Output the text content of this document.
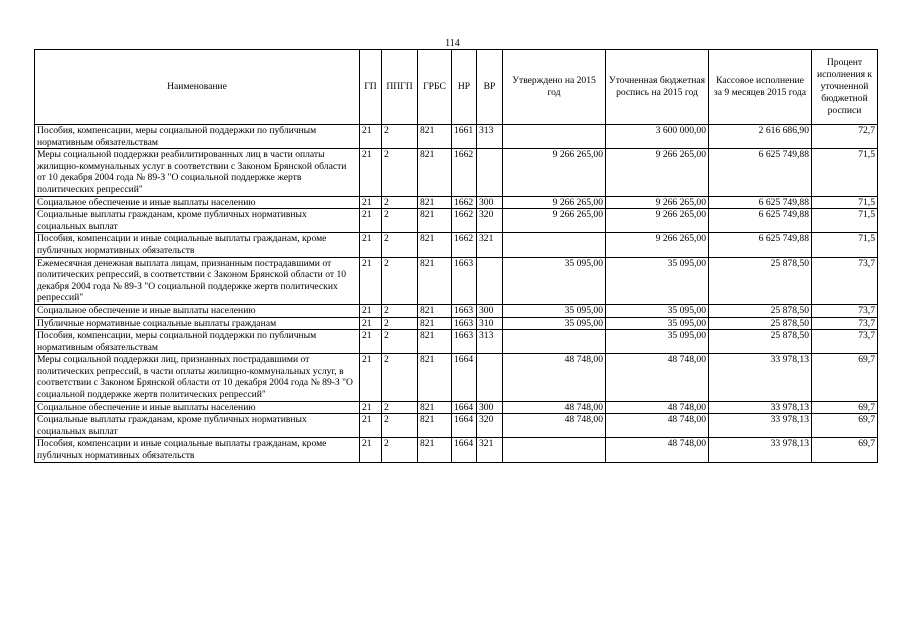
114
Наименование	ГП	ППГП	ГРБС	НР	ВР	Утверждено на 2015 год	Уточненная бюджетная роспись на 2015 год	Кассовое исполнение за 9 месяцев 2015 года	Процент исполнения к уточненной бюджетной росписи
Пособия, компенсации, меры социальной поддержки по публичным нормативным обязательствам	21	2	821	1661	313		3 600 000,00	2 616 686,90	72,7
Меры социальной поддержки реабилитированных лиц в части оплаты жилищно-коммунальных услуг в соответствии с Законом Брянской области от 10 декабря 2004 года № 89-З "О социальной поддержке жертв политических репрессий"	21	2	821	1662		9 266 265,00	9 266 265,00	6 625 749,88	71,5
Социальное обеспечение и иные выплаты населению	21	2	821	1662	300	9 266 265,00	9 266 265,00	6 625 749,88	71,5
Социальные выплаты гражданам, кроме публичных нормативных социальных выплат	21	2	821	1662	320	9 266 265,00	9 266 265,00	6 625 749,88	71,5
Пособия, компенсации и иные социальные выплаты гражданам, кроме публичных нормативных обязательств	21	2	821	1662	321		9 266 265,00	6 625 749,88	71,5
Ежемесячная денежная выплата лицам, признанным пострадавшими от политических репрессий, в соответствии с Законом Брянской области от 10 декабря 2004 года № 89-З "О социальной поддержке жертв политических репрессий"	21	2	821	1663		35 095,00	35 095,00	25 878,50	73,7
Социальное обеспечение и иные выплаты населению	21	2	821	1663	300	35 095,00	35 095,00	25 878,50	73,7
Публичные нормативные социальные выплаты гражданам	21	2	821	1663	310	35 095,00	35 095,00	25 878,50	73,7
Пособия, компенсации, меры социальной поддержки по публичным нормативным обязательствам	21	2	821	1663	313		35 095,00	25 878,50	73,7
Меры социальной поддержки лиц, признанных пострадавшими от политических репрессий, в части оплаты жилищно-коммунальных услуг, в соответствии с Законом Брянской области от 10 декабря 2004 года № 89-З "О социальной поддержке жертв политических репрессий"	21	2	821	1664		48 748,00	48 748,00	33 978,13	69,7
Социальное обеспечение и иные выплаты населению	21	2	821	1664	300	48 748,00	48 748,00	33 978,13	69,7
Социальные выплаты гражданам, кроме публичных нормативных социальных выплат	21	2	821	1664	320	48 748,00	48 748,00	33 978,13	69,7
Пособия, компенсации и иные социальные выплаты гражданам, кроме публичных нормативных обязательств	21	2	821	1664	321		48 748,00	33 978,13	69,7
